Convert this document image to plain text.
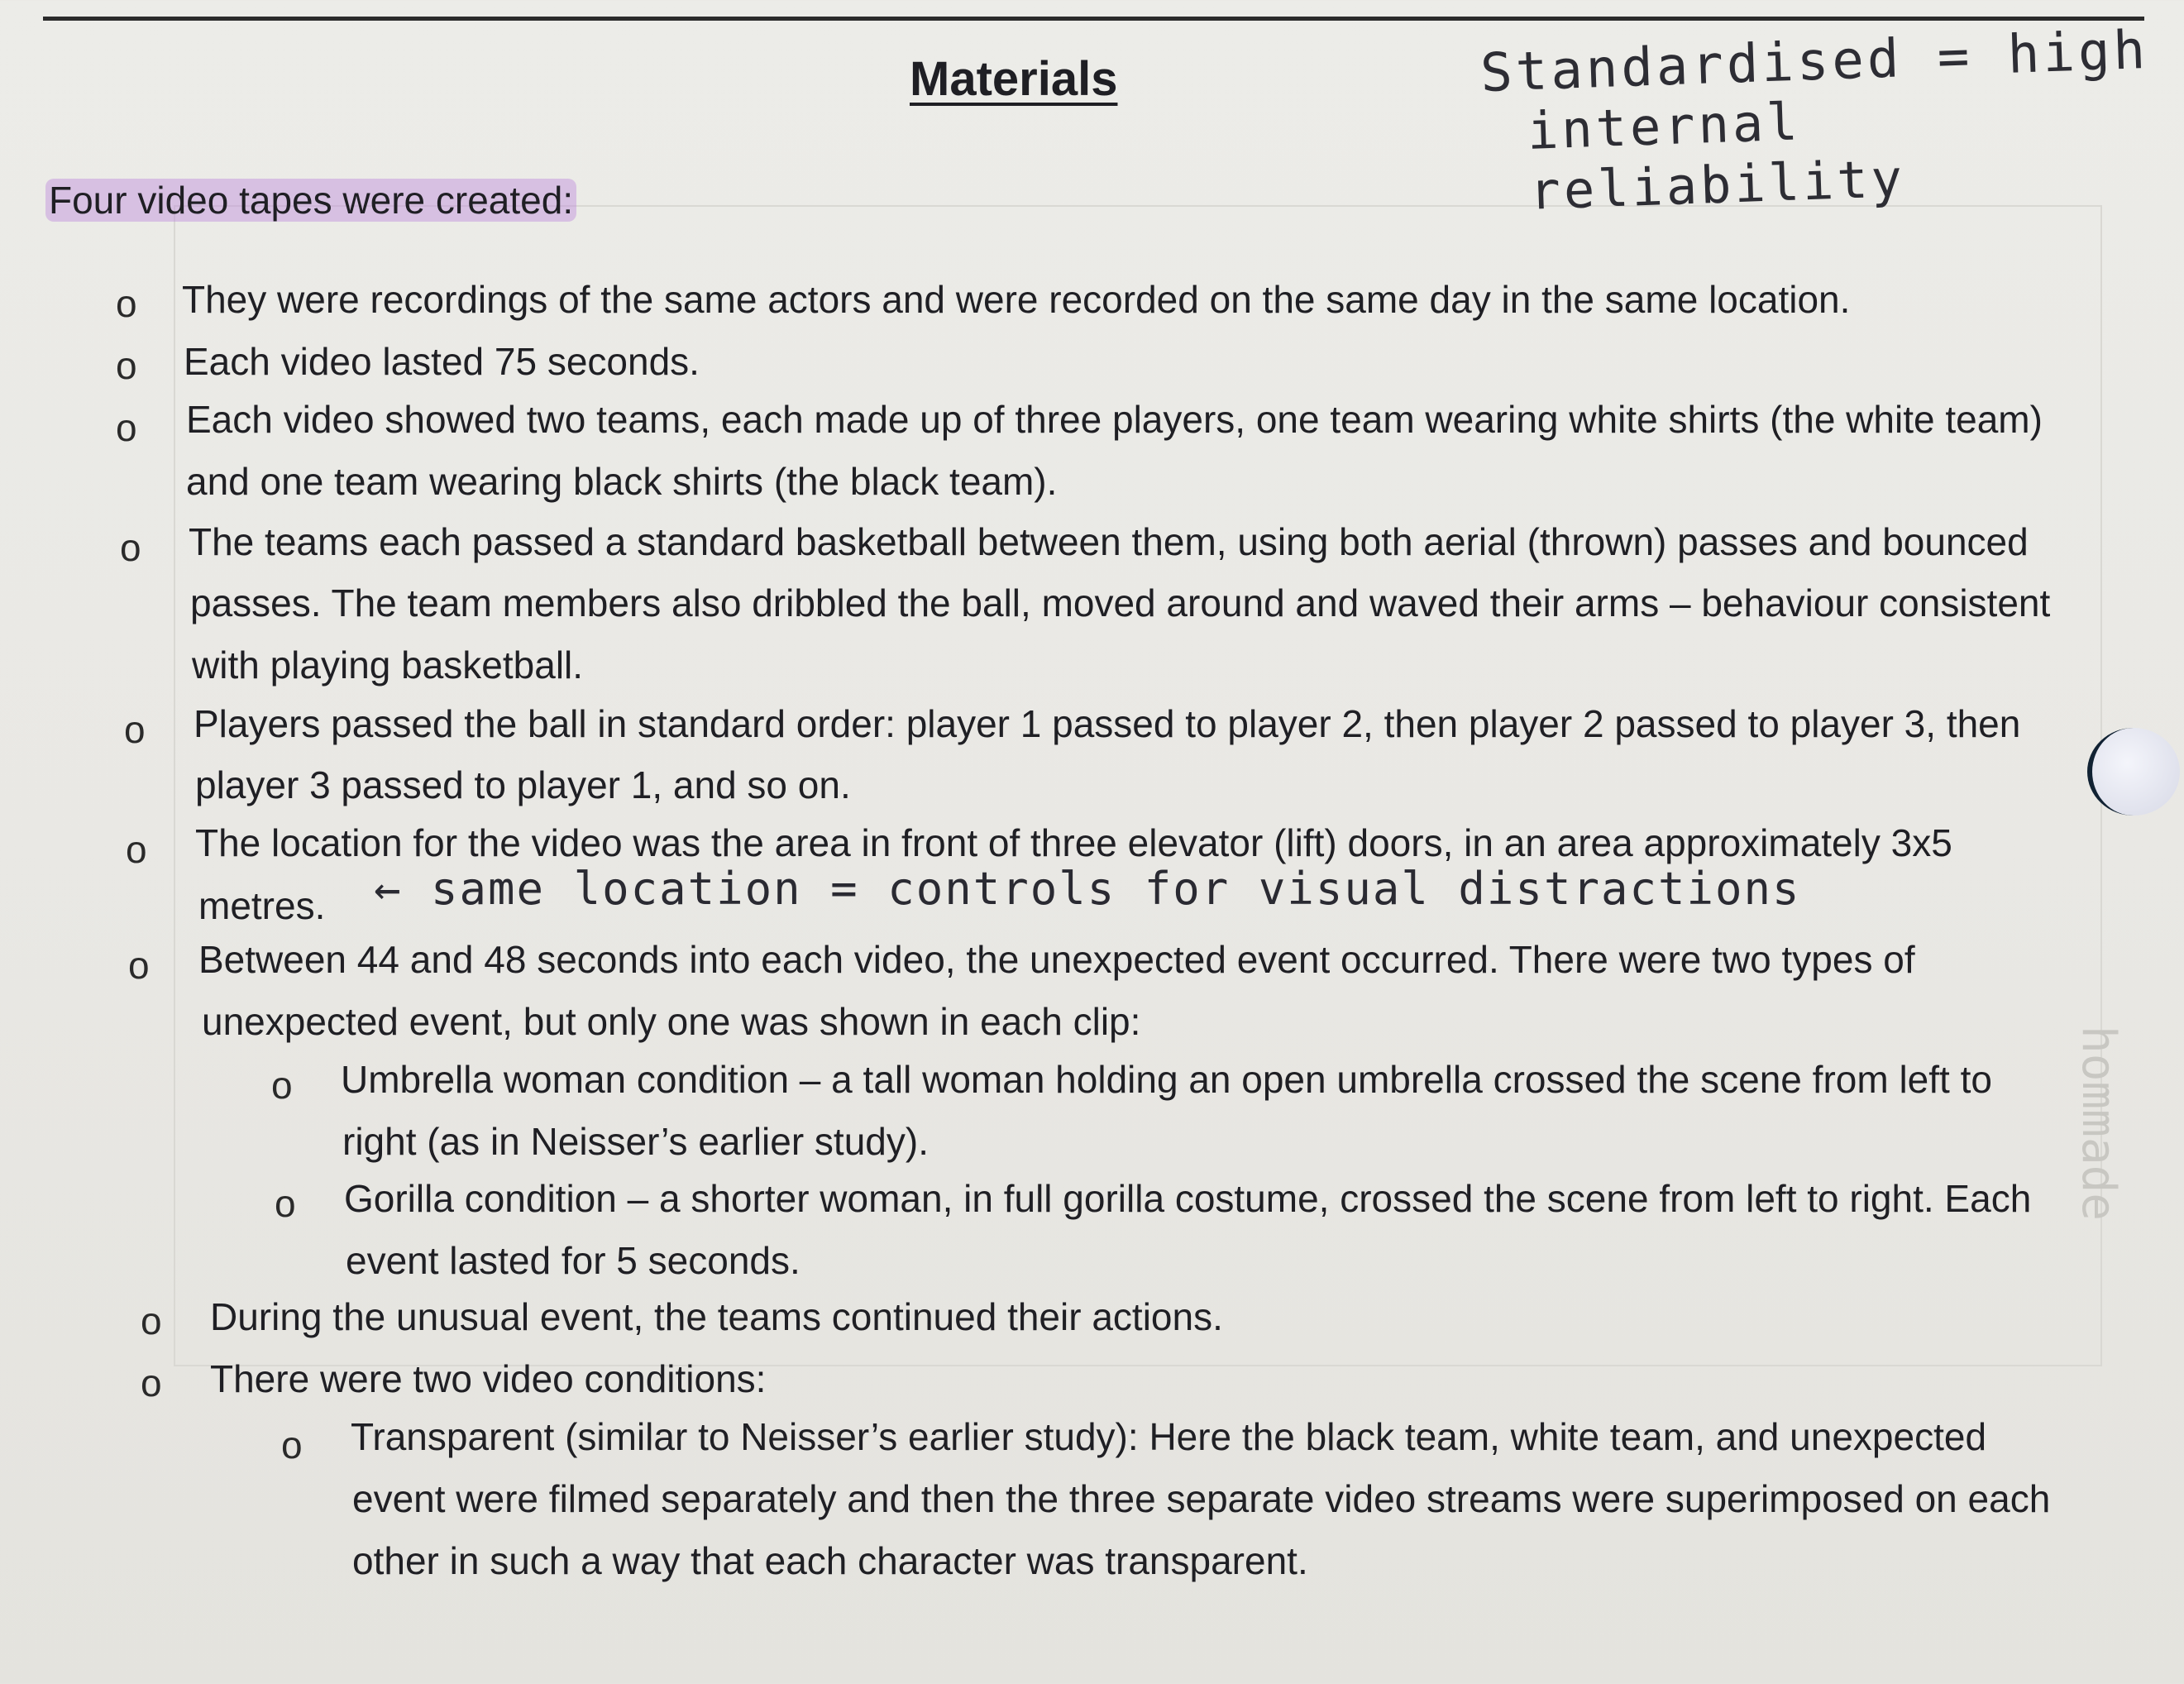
Materials	Standardised = high
internal reliability
hommade
Four video tapes were created:
o They were recordings of the same actors and were recorded on the same day in the same location.
o Each video lasted 75 seconds.
o Each video showed two teams, each made up of three players, one team wearing white shirts (the white team)
and one team wearing black shirts (the black team).
o The teams each passed a standard basketball between them, using both aerial (thrown) passes and bounced
passes. The team members also dribbled the ball, moved around and waved their arms – behaviour consistent
with playing basketball.
o Players passed the ball in standard order: player 1 passed to player 2, then player 2 passed to player 3, then
player 3 passed to player 1, and so on.
o The location for the video was the area in front of three elevator (lift) doors, in an area approximately 3x5
metres. ← same location = controls for visual distractions
o Between 44 and 48 seconds into each video, the unexpected event occurred. There were two types of
unexpected event, but only one was shown in each clip:
o Umbrella woman condition – a tall woman holding an open umbrella crossed the scene from left to
right (as in Neisser’s earlier study).
o Gorilla condition – a shorter woman, in full gorilla costume, crossed the scene from left to right. Each
event lasted for 5 seconds.
o During the unusual event, the teams continued their actions.
o There were two video conditions:
o Transparent (similar to Neisser’s earlier study): Here the black team, white team, and unexpected
event were filmed separately and then the three separate video streams were superimposed on each
other in such a way that each character was transparent.
